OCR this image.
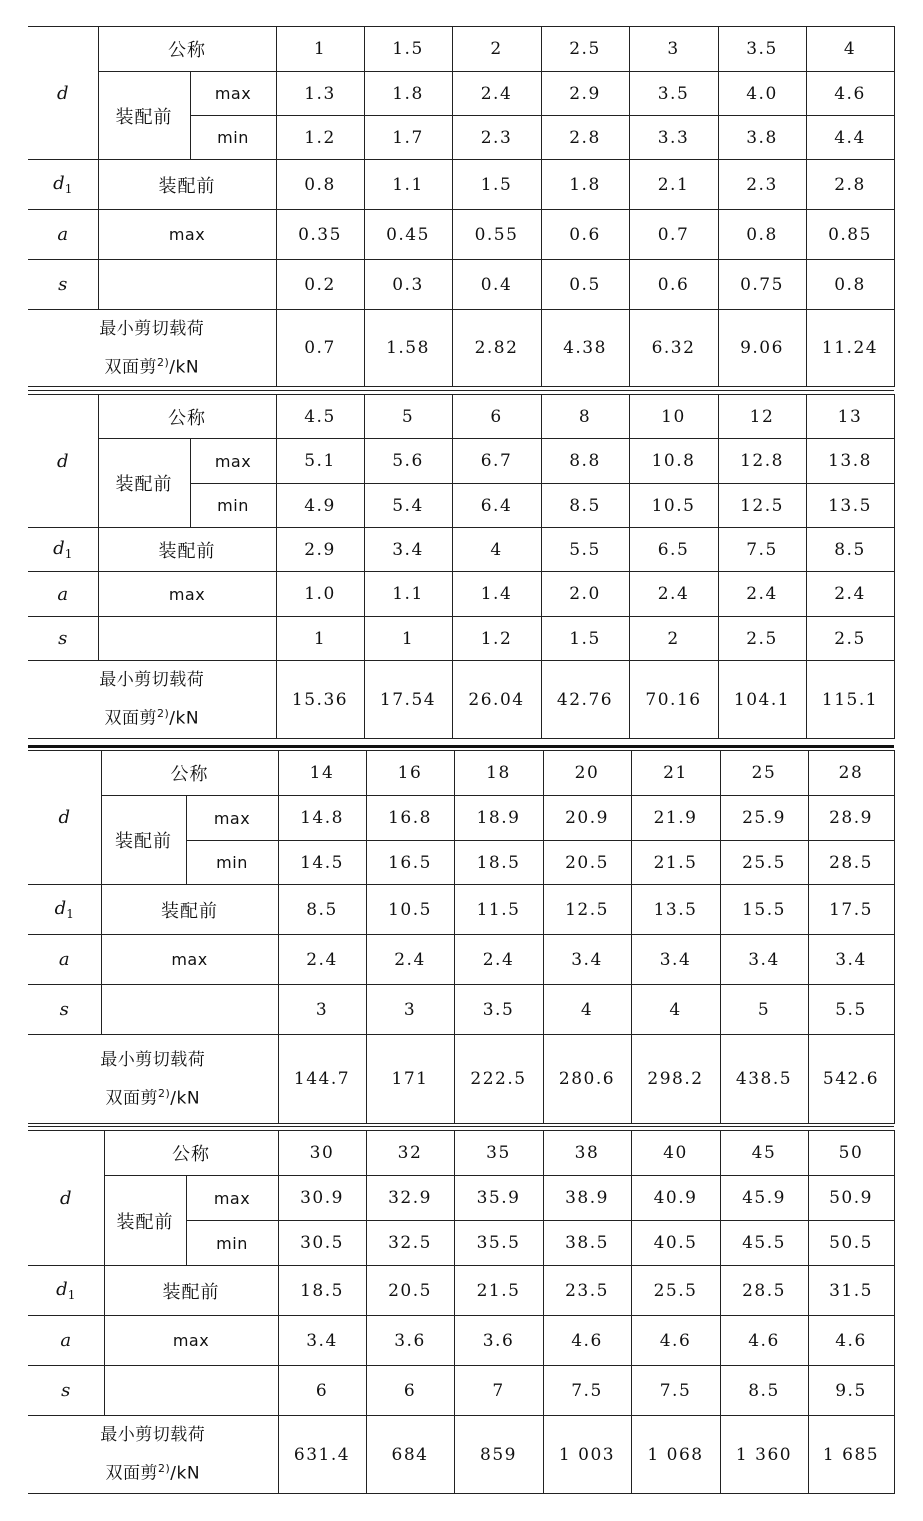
d	公称		1	1.5	2	2.5	3	3.5	4
	装配前	max	1.3	1.8	2.4	2.9	3.5	4.0	4.6
		min	1.2	1.7	2.3	2.8	3.3	3.8	4.4
$d_1$	装配前		0.8	1.1	1.5	1.8	2.1	2.3	2.8
a	max		0.35	0.45	0.55	0.6	0.7	0.8	0.85
s			0.2	0.3	0.4	0.5	0.6	0.75	0.8
最小剪切载荷
双面剪$^{2)}$/kN			0.7	1.58	2.82	4.38	6.32	9.06	11.24
d	公称		4.5	5	6	8	10	12	13
	装配前	max	5.1	5.6	6.7	8.8	10.8	12.8	13.8
		min	4.9	5.4	6.4	8.5	10.5	12.5	13.5
$d_1$	装配前		2.9	3.4	4	5.5	6.5	7.5	8.5
a	max		1.0	1.1	1.4	2.0	2.4	2.4	2.4
s			1	1	1.2	1.5	2	2.5	2.5
最小剪切载荷
双面剪$^{2)}$/kN			15.36	17.54	26.04	42.76	70.16	104.1	115.1
d	公称		14	16	18	20	21	25	28
	装配前	max	14.8	16.8	18.9	20.9	21.9	25.9	28.9
		min	14.5	16.5	18.5	20.5	21.5	25.5	28.5
$d_1$	装配前		8.5	10.5	11.5	12.5	13.5	15.5	17.5
a	max		2.4	2.4	2.4	3.4	3.4	3.4	3.4
s			3	3	3.5	4	4	5	5.5
最小剪切载荷
双面剪$^{2)}$/kN			144.7	171	222.5	280.6	298.2	438.5	542.6
d	公称		30	32	35	38	40	45	50
	装配前	max	30.9	32.9	35.9	38.9	40.9	45.9	50.9
		min	30.5	32.5	35.5	38.5	40.5	45.5	50.5
$d_1$	装配前		18.5	20.5	21.5	23.5	25.5	28.5	31.5
a	max		3.4	3.6	3.6	4.6	4.6	4.6	4.6
s			6	6	7	7.5	7.5	8.5	9.5
最小剪切载荷
双面剪$^{2)}$/kN			631.4	684	859	1 003	1 068	1 360	1 685
